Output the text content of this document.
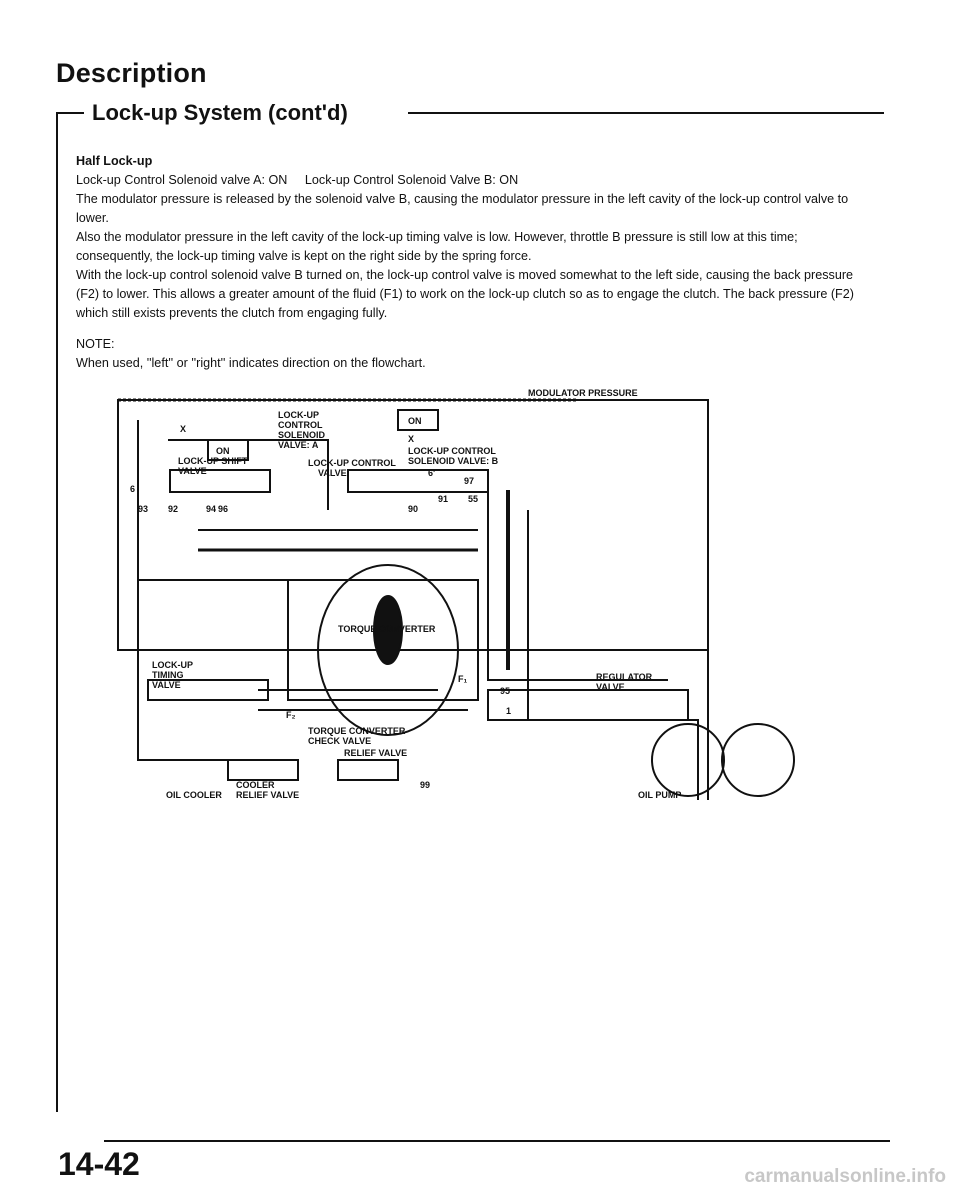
Description
Lock-up System (cont'd)

Half Lock-up

Lock-up Control Solenoid valve A: ON     Lock-up Control Solenoid Valve B: ON

The modulator pressure is released by the solenoid valve B, causing the modulator pressure in the left cavity of the lock-up control valve to lower.

Also the modulator pressure in the left cavity of the lock-up timing valve is low. However, throttle B pressure is still low at this time; consequently, the lock-up timing valve is kept on the right side by the spring force.

With the lock-up control solenoid valve B turned on, the lock-up control valve is moved somewhat to the left side, causing the back pressure (F2) to lower. This allows a greater amount of the fluid (F1) to work on the lock-up clutch so as to engage the clutch. The back pressure (F2) which still exists prevents the clutch from engaging fully.

NOTE:

When used, ''left'' or ''right'' indicates direction on the flowchart.

MODULATOR PRESSURE
ON
ON
X
X
LOCK-UP
CONTROL
SOLENOID
VALVE: A
LOCK-UP CONTROL
SOLENOID VALVE: B
LOCK-UP SHIFT
VALVE
LOCK-UP CONTROL
VALVE
TORQUE CONVERTER
F₁
F₂
LOCK-UP
TIMING
VALVE
REGULATOR
VALVE
TORQUE CONVERTER
CHECK VALVE
RELIEF VALVE
COOLER
RELIEF VALVE
OIL COOLER	OIL PUMP
6
93 92	94 96	90
91
97
55
95
1
99
6'
14-42	carmanualsonline.info
